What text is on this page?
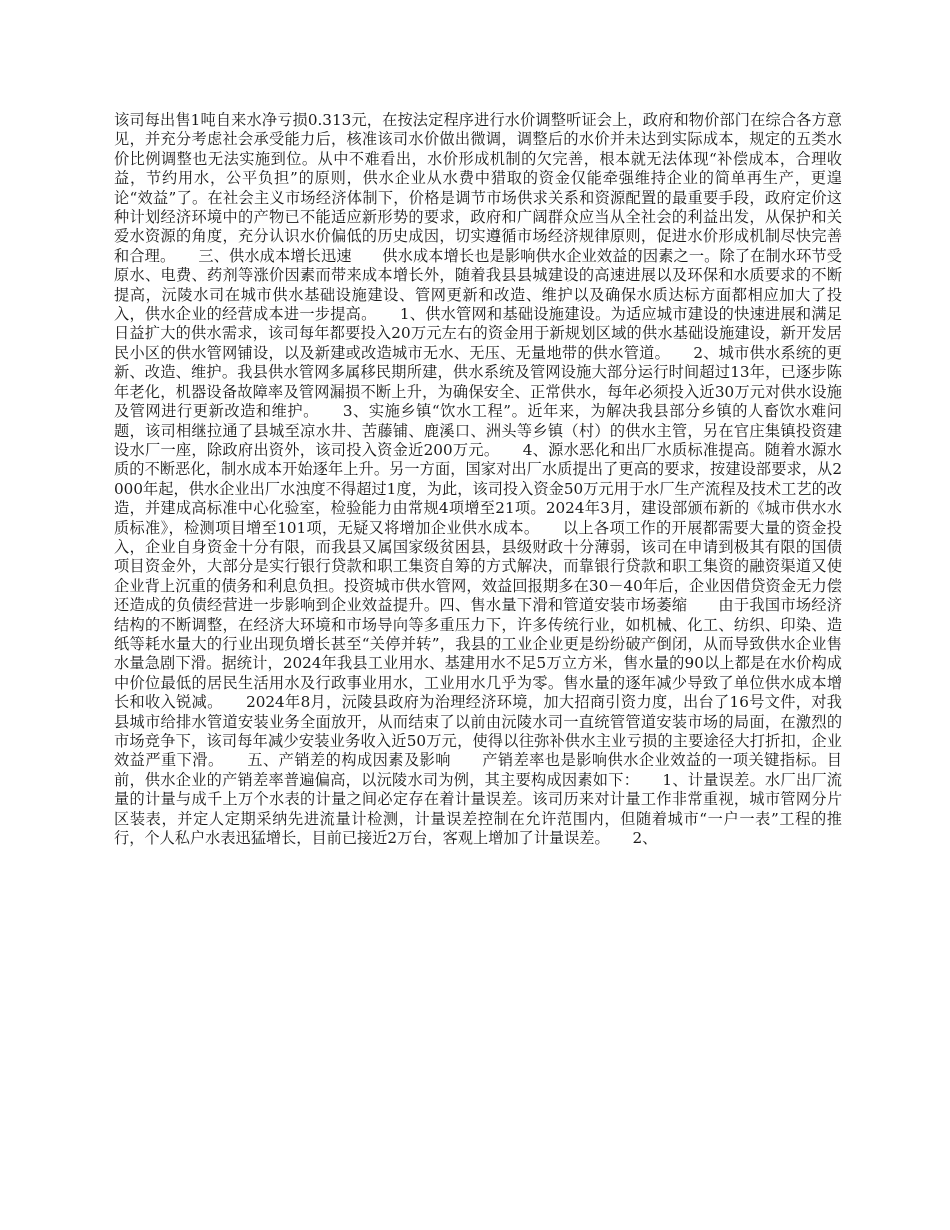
该司每出售1吨自来水净亏损0.313元，在按法定程序进行水价调整听证会上，政府和物价部门在综合各方意见，并充分考虑社会承受能力后，核准该司水价做出微调，调整后的水价并未达到实际成本，规定的五类水价比例调整也无法实施到位。从中不难看出，水价形成机制的欠完善，根本就无法体现“补偿成本，合理收益，节约用水，公平负担”的原则，供水企业从水费中猎取的资金仅能牵强维持企业的简单再生产，更遑论“效益”了。在社会主义市场经济体制下，价格是调节市场供求关系和资源配置的最重要手段，政府定价这种计划经济环境中的产物已不能适应新形势的要求，政府和广阔群众应当从全社会的利益出发，从保护和关爱水资源的角度，充分认识水价偏低的历史成因，切实遵循市场经济规律原则，促进水价形成机制尽快完善和合理。　　三、供水成本增长迅速　　供水成本增长也是影响供水企业效益的因素之一。除了在制水环节受原水、电费、药剂等涨价因素而带来成本增长外，随着我县县城建设的高速进展以及环保和水质要求的不断提高，沅陵水司在城市供水基础设施建设、管网更新和改造、维护以及确保水质达标方面都相应加大了投入，供水企业的经营成本进一步提高。　　1、供水管网和基础设施建设。为适应城市建设的快速进展和满足日益扩大的供水需求，该司每年都要投入20万元左右的资金用于新规划区域的供水基础设施建设，新开发居民小区的供水管网铺设，以及新建或改造城市无水、无压、无量地带的供水管道。　　2、城市供水系统的更新、改造、维护。我县供水管网多属移民期所建，供水系统及管网设施大部分运行时间超过13年，已逐步陈年老化，机器设备故障率及管网漏损不断上升，为确保安全、正常供水，每年必须投入近30万元对供水设施及管网进行更新改造和维护。　　3、实施乡镇“饮水工程”。近年来，为解决我县部分乡镇的人畜饮水难问题，该司相继拉通了县城至凉水井、苦藤铺、鹿溪口、洲头等乡镇（村）的供水主管，另在官庄集镇投资建设水厂一座，除政府出资外，该司投入资金近200万元。　　4、源水恶化和出厂水质标准提高。随着水源水质的不断恶化，制水成本开始逐年上升。另一方面，国家对出厂水质提出了更高的要求，按建设部要求，从2000年起，供水企业出厂水浊度不得超过1度，为此，该司投入资金50万元用于水厂生产流程及技术工艺的改造，并建成高标准中心化验室，检验能力由常规4项增至21项。2024年3月，建设部颁布新的《城市供水水质标准》，检测项目增至101项，无疑又将增加企业供水成本。　　以上各项工作的开展都需要大量的资金投入，企业自身资金十分有限，而我县又属国家级贫困县，县级财政十分薄弱，该司在申请到极其有限的国债项目资金外，大部分是实行银行贷款和职工集资自筹的方式解决，而靠银行贷款和职工集资的融资渠道又使企业背上沉重的债务和利息负担。投资城市供水管网，效益回报期多在30－40年后，企业因借贷资金无力偿还造成的负债经营进一步影响到企业效益提升。四、售水量下滑和管道安装市场萎缩　　由于我国市场经济结构的不断调整，在经济大环境和市场导向等多重压力下，许多传统行业，如机械、化工、纺织、印染、造纸等耗水量大的行业出现负增长甚至“关停并转”，我县的工业企业更是纷纷破产倒闭，从而导致供水企业售水量急剧下滑。据统计，2024年我县工业用水、基建用水不足5万立方米，售水量的90以上都是在水价构成中价位最低的居民生活用水及行政事业用水，工业用水几乎为零。售水量的逐年减少导致了单位供水成本增长和收入锐减。　　2024年8月，沅陵县政府为治理经济环境，加大招商引资力度，出台了16号文件，对我县城市给排水管道安装业务全面放开，从而结束了以前由沅陵水司一直统管管道安装市场的局面，在激烈的市场竞争下，该司每年减少安装业务收入近50万元，使得以往弥补供水主业亏损的主要途径大打折扣，企业效益严重下滑。　　五、产销差的构成因素及影响　　产销差率也是影响供水企业效益的一项关键指标。目前，供水企业的产销差率普遍偏高，以沅陵水司为例，其主要构成因素如下：　　1、计量误差。水厂出厂流量的计量与成千上万个水表的计量之间必定存在着计量误差。该司历来对计量工作非常重视，城市管网分片区装表，并定人定期采纳先进流量计检测，计量误差控制在允许范围内，但随着城市“一户一表”工程的推行，个人私户水表迅猛增长，目前已接近2万台，客观上增加了计量误差。　　2、
